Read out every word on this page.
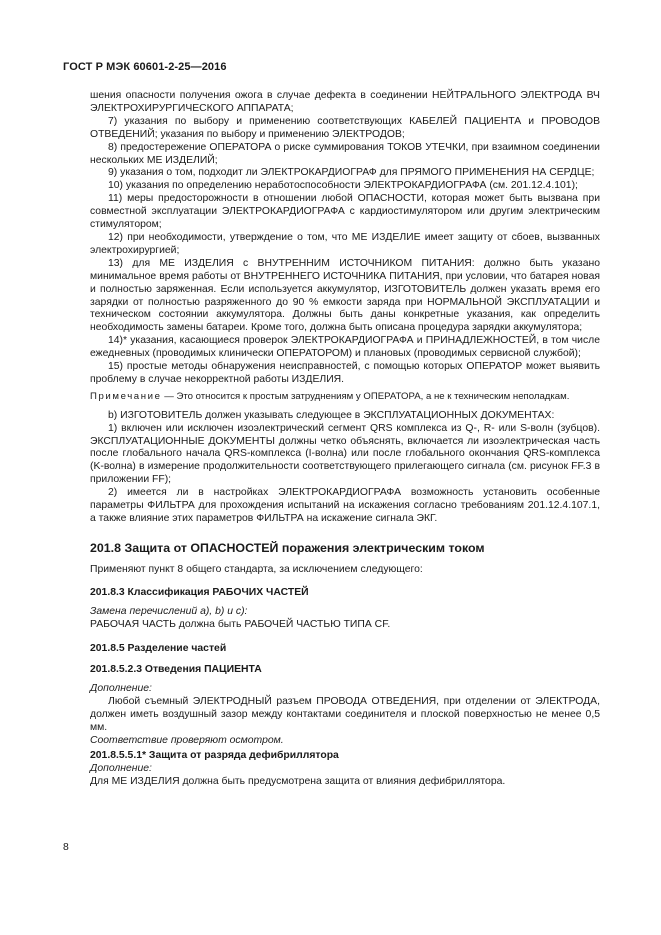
ГОСТ Р МЭК 60601-2-25—2016

шения опасности получения ожога в случае дефекта в соединении НЕЙТРАЛЬНОГО ЭЛЕКТРОДА ВЧ ЭЛЕКТРОХИРУРГИЧЕСКОГО АППАРАТА;

7) указания по выбору и применению соответствующих КАБЕЛЕЙ ПАЦИЕНТА и ПРОВОДОВ ОТВЕДЕНИЙ; указания по выбору и применению ЭЛЕКТРОДОВ;

8) предостережение ОПЕРАТОРА о риске суммирования ТОКОВ УТЕЧКИ, при взаимном соединении нескольких МЕ ИЗДЕЛИЙ;

9) указания о том, подходит ли ЭЛЕКТРОКАРДИОГРАФ для ПРЯМОГО ПРИМЕНЕНИЯ НА СЕРДЦЕ;

10) указания по определению неработоспособности ЭЛЕКТРОКАРДИОГРАФА (см. 201.12.4.101);

11) меры предосторожности в отношении любой ОПАСНОСТИ, которая может быть вызвана при совместной эксплуатации ЭЛЕКТРОКАРДИОГРАФА с кардиостимулятором или другим электрическим стимулятором;

12) при необходимости, утверждение о том, что МЕ ИЗДЕЛИЕ имеет защиту от сбоев, вызванных электрохирургией;

13) для МЕ ИЗДЕЛИЯ с ВНУТРЕННИМ ИСТОЧНИКОМ ПИТАНИЯ: должно быть указано минимальное время работы от ВНУТРЕННЕГО ИСТОЧНИКА ПИТАНИЯ, при условии, что батарея новая и полностью заряженная. Если используется аккумулятор, ИЗГОТОВИТЕЛЬ должен указать время его зарядки от полностью разряженного до 90 % емкости заряда при НОРМАЛЬНОЙ ЭКСПЛУАТАЦИИ и техническом состоянии аккумулятора. Должны быть даны конкретные указания, как определить необходимость замены батареи. Кроме того, должна быть описана процедура зарядки аккумулятора;

14)* указания, касающиеся проверок ЭЛЕКТРОКАРДИОГРАФА и ПРИНАДЛЕЖНОСТЕЙ, в том числе ежедневных (проводимых клинически ОПЕРАТОРОМ) и плановых (проводимых сервисной службой);

15) простые методы обнаружения неисправностей, с помощью которых ОПЕРАТОР может выявить проблему в случае некорректной работы ИЗДЕЛИЯ.

Примечание — Это относится к простым затруднениям у ОПЕРАТОРА, а не к техническим неполадкам.

b) ИЗГОТОВИТЕЛЬ должен указывать следующее в ЭКСПЛУАТАЦИОННЫХ ДОКУМЕНТАХ:

1) включен или исключен изоэлектрический сегмент QRS комплекса из Q-, R- или S-волн (зубцов). ЭКСПЛУАТАЦИОННЫЕ ДОКУМЕНТЫ должны четко объяснять, включается ли изоэлектрическая часть после глобального начала QRS-комплекса (I-волна) или после глобального окончания QRS-комплекса (K-волна) в измерение продолжительности соответствующего прилегающего сигнала (см. рисунок FF.3 в приложении FF);

2) имеется ли в настройках ЭЛЕКТРОКАРДИОГРАФА возможность установить особенные параметры ФИЛЬТРА для прохождения испытаний на искажения согласно требованиям 201.12.4.107.1, а также влияние этих параметров ФИЛЬТРА на искажение сигнала ЭКГ.

201.8 Защита от ОПАСНОСТЕЙ поражения электрическим током

Применяют пункт 8 общего стандарта, за исключением следующего:

201.8.3 Классификация РАБОЧИХ ЧАСТЕЙ

Замена перечислений а), b) и с):

РАБОЧАЯ ЧАСТЬ должна быть РАБОЧЕЙ ЧАСТЬЮ ТИПА CF.

201.8.5 Разделение частей
201.8.5.2.3 Отведения ПАЦИЕНТА

Дополнение:

Любой съемный ЭЛЕКТРОДНЫЙ разъем ПРОВОДА ОТВЕДЕНИЯ, при отделении от ЭЛЕКТРОДА, должен иметь воздушный зазор между контактами соединителя и плоской поверхностью не менее 0,5 мм.

Соответствие проверяют осмотром.

201.8.5.5.1* Защита от разряда дефибриллятора

Дополнение:

Для МЕ ИЗДЕЛИЯ должна быть предусмотрена защита от влияния дефибриллятора.

8
